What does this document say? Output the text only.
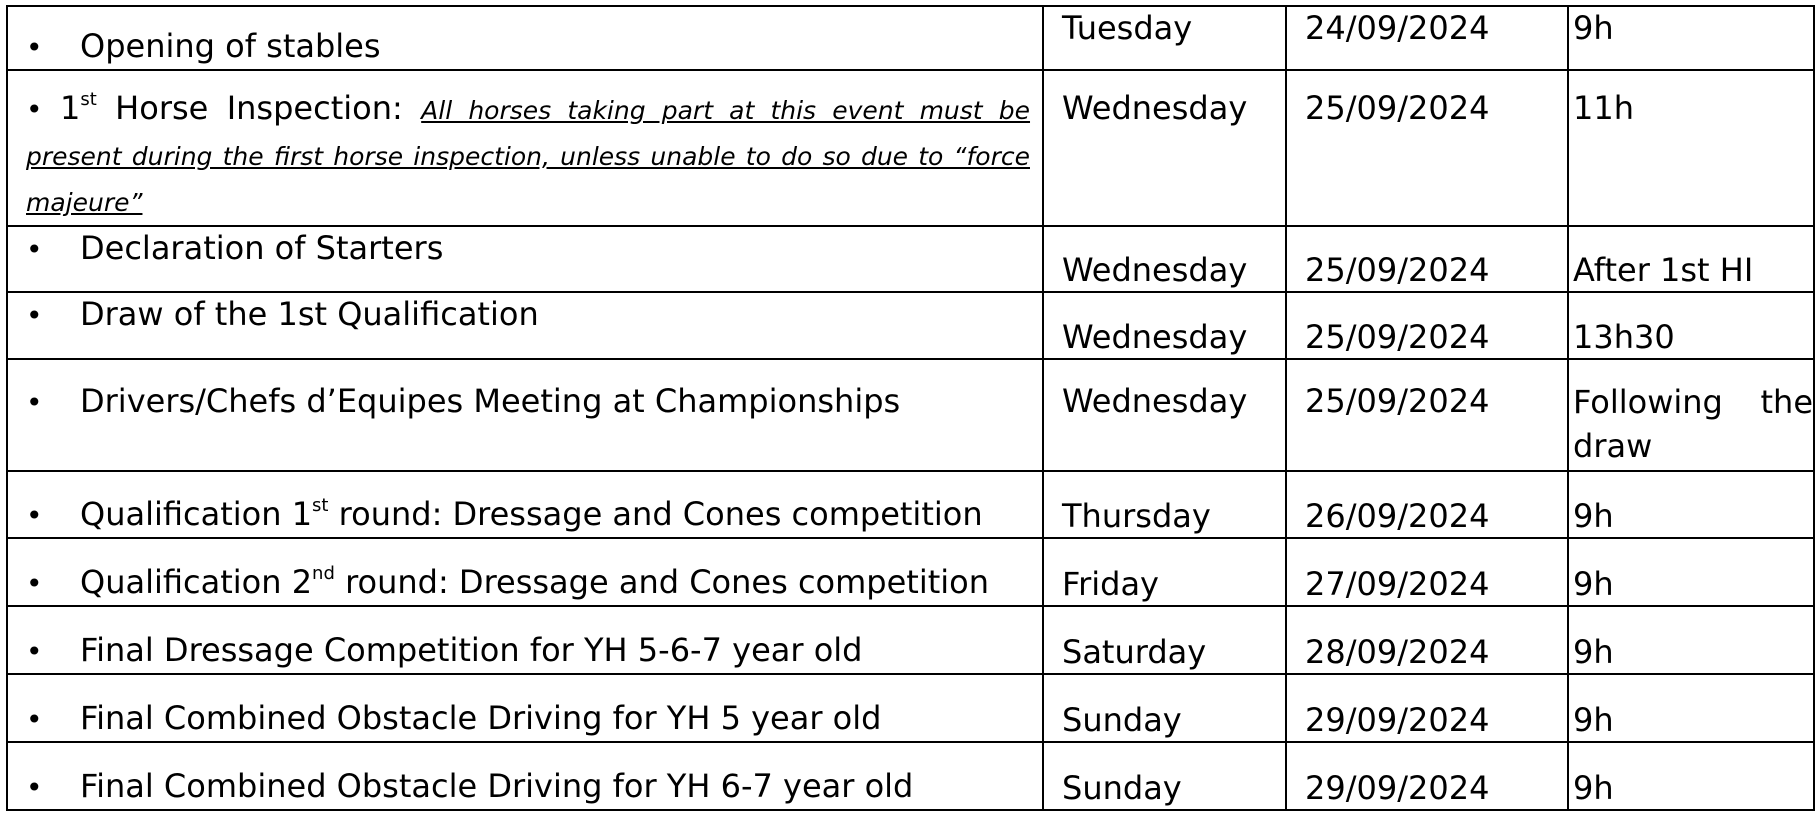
• Opening of stables	Tuesday	24/09/2024	9h
• 1st Horse Inspection: All horses taking part at this event must be present during the first horse inspection, unless unable to do so due to “force majeure”	Wednesday	25/09/2024	11h
• Declaration of Starters	Wednesday	25/09/2024	After 1st HI
• Draw of the 1st Qualification	Wednesday	25/09/2024	13h30
• Drivers/Chefs d’Equipes Meeting at Championships	Wednesday	25/09/2024	Following the draw
• Qualification 1st round: Dressage and Cones competition	Thursday	26/09/2024	9h
• Qualification 2nd round: Dressage and Cones competition	Friday	27/09/2024	9h
• Final Dressage Competition for YH 5-6-7 year old	Saturday	28/09/2024	9h
• Final Combined Obstacle Driving for YH 5 year old	Sunday	29/09/2024	9h
• Final Combined Obstacle Driving for YH 6-7 year old	Sunday	29/09/2024	9h
